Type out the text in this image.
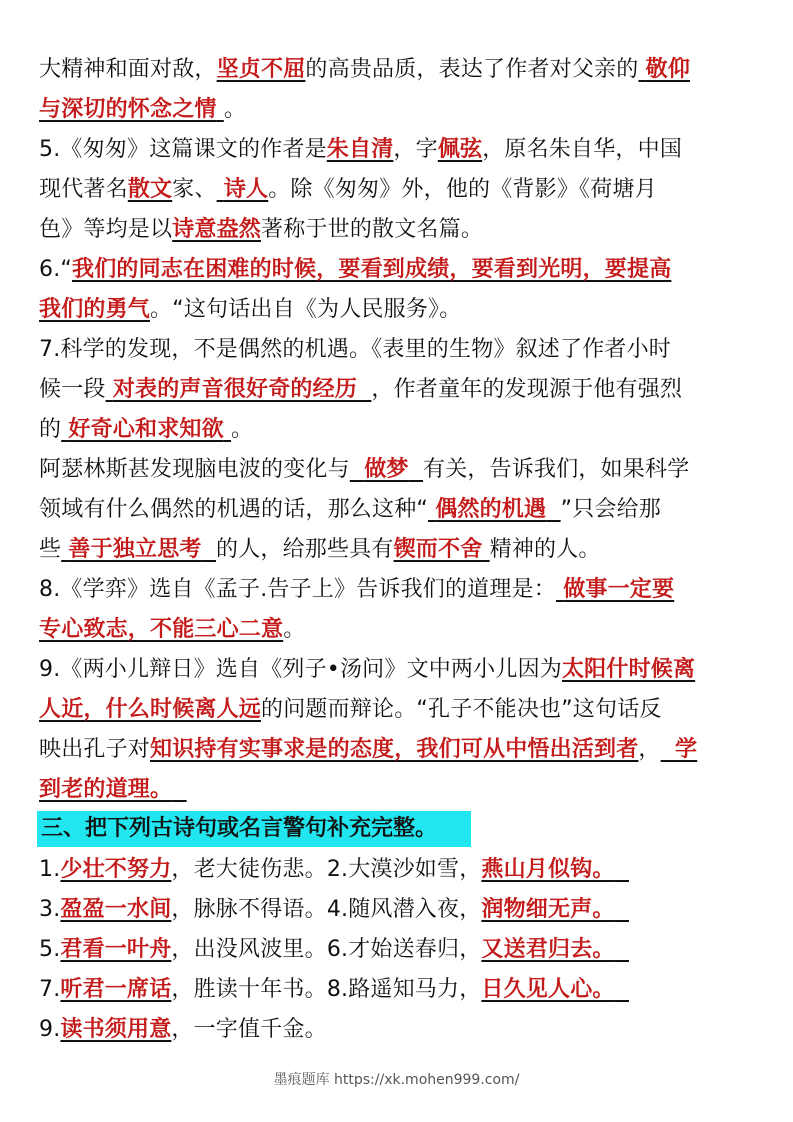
大精神和面对敌，坚贞不屈的高贵品质，表达了作者对父亲的 敬仰
与深切的怀念之情 。
5.《匆匆》这篇课文的作者是朱自清，字佩弦，原名朱自华，中国
现代著名散文家、 诗人。除《匆匆》外，他的《背影》《荷塘月
色》等均是以诗意盎然著称于世的散文名篇。
6.“我们的同志在困难的时候，要看到成绩，要看到光明，要提高
我们的勇气。“这句话出自《为人民服务》。
7.科学的发现，不是偶然的机遇。《表里的生物》叙述了作者小时
候一段 对表的声音很好奇的经历 ，作者童年的发现源于他有强烈
的 好奇心和求知欲 。
阿瑟林斯甚发现脑电波的变化与 做梦 有关，告诉我们，如果科学
领域有什么偶然的机遇的话，那么这种“ 偶然的机遇 ”只会给那
些 善于独立思考 的人，给那些具有锲而不舍 精神的人。
8.《学弈》选自《孟子.告子上》告诉我们的道理是： 做事一定要
专心致志，不能三心二意。
9.《两小儿辩日》选自《列子•汤问》文中两小儿因为太阳什时候离
人近，什么时候离人远的问题而辩论。“孔子不能决也”这句话反
映出孔子对知识持有实事求是的态度，我们可从中悟出活到者， 学
到老的道理。
三、把下列古诗句或名言警句补充完整。
1.少壮不努力，老大徒伤悲。2.大漠沙如雪，燕山月似钩。
3.盈盈一水间，脉脉不得语。4.随风潜入夜，润物细无声。
5.君看一叶舟，出没风波里。6.才始送春归，又送君归去。
7.听君一席话，胜读十年书。8.路遥知马力，日久见人心。
9.读书须用意，一字值千金。
墨痕题库 https://xk.mohen999.com/
